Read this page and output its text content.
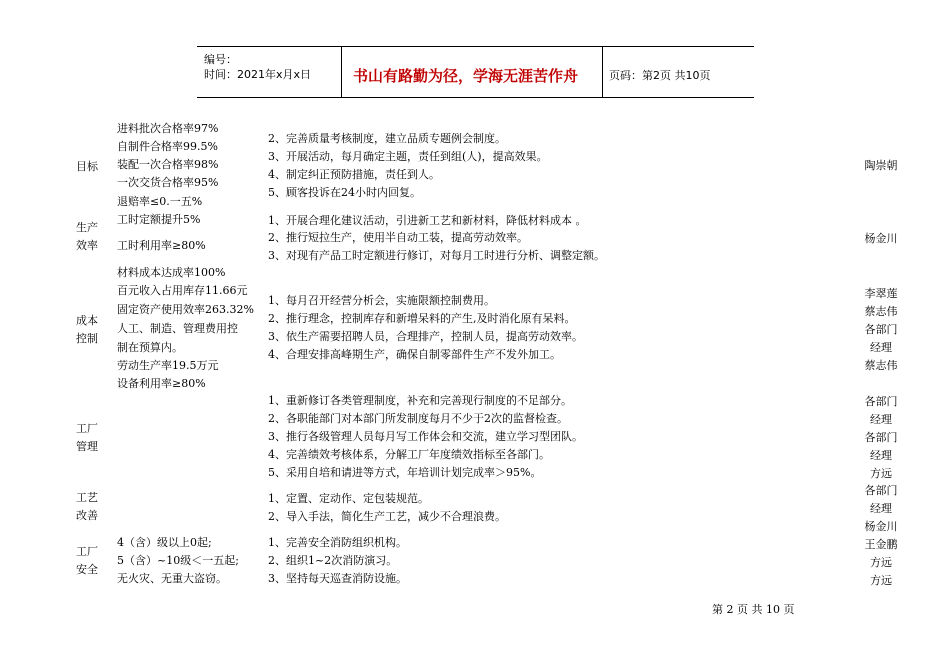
编号：
时间：2021年x月x日	书山有路勤为径，学海无涯苦作舟	页码：第2页 共10页
目标
进料批次合格率97%
自制件合格率99.5%
装配一次合格率98%
一次交货合格率95%
退赔率≤0.一五%
2、完善质量考核制度，建立品质专题例会制度。
3、开展活动，每月确定主题，责任到组(人)，提高效果。
4、制定纠正预防措施，责任到人。
5、顾客投诉在24小时内回复。
陶崇朝
生产
效率
工时定额提升5%
工时利用率≥80%
1、开展合理化建议活动，引进新工艺和新材料，降低材料成本 。
2、推行短拉生产，使用半自动工装，提高劳动效率。
3、对现有产品工时定额进行修订，对每月工时进行分析、调整定额。
杨金川
成本
控制
材料成本达成率100%
百元收入占用库存11.66元
固定资产使用效率263.32%
人工、制造、管理费用控
制在预算内。
劳动生产率19.5万元
设备利用率≥80%
1、每月召开经营分析会，实施限额控制费用。
2、推行理念，控制库存和新增呆料的产生,及时消化原有呆料。
3、依生产需要招聘人员，合理排产，控制人员，提高劳动效率。
4、合理安排高峰期生产，确保自制零部件生产不发外加工。
李翠莲
蔡志伟
各部门
经理
蔡志伟
工厂
管理
1、重新修订各类管理制度，补充和完善现行制度的不足部分。
2、各职能部门对本部门所发制度每月不少于2次的监督检查。
3、推行各级管理人员每月写工作体会和交流，建立学习型团队。
4、完善绩效考核体系，分解工厂年度绩效指标至各部门。
5、采用自培和请进等方式，年培训计划完成率＞95%。
各部门
经理
各部门
经理
方远
工艺
改善
1、定置、定动作、定包装规范。
2、导入手法，简化生产工艺，减少不合理浪费。
各部门
经理
杨金川
工厂
安全
4（含）级以上0起;
5（含）~10级＜一五起;
无火灾、无重大盗窃。
1、完善安全消防组织机构。
2、组织1~2次消防演习。
3、坚持每天巡查消防设施。
王金鹏
方远
方远
第 2 页 共 10 页
